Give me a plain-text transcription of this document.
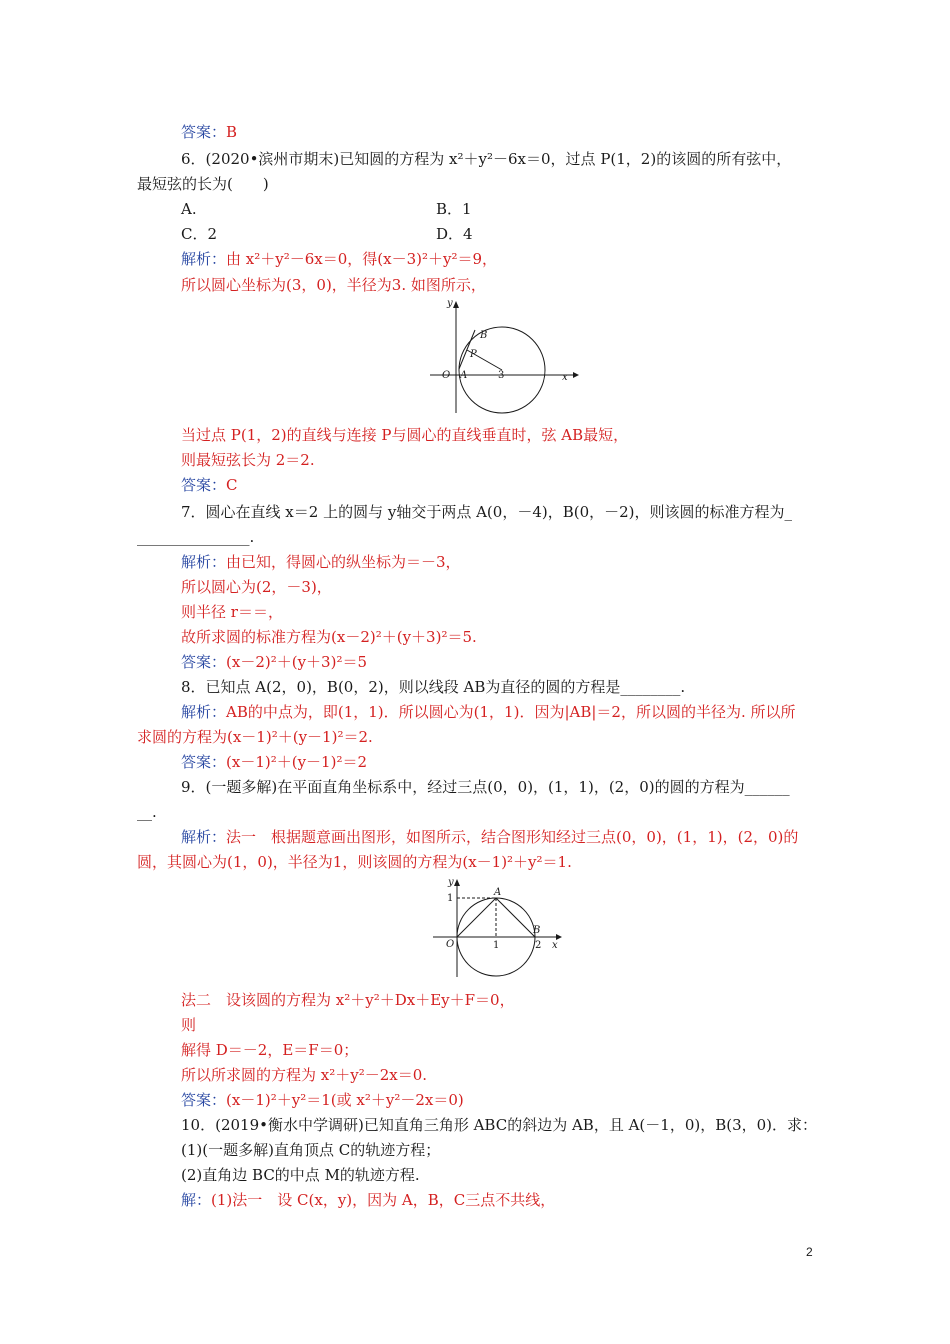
答案：B
6．(2020•滨州市期末)已知圆的方程为 x²＋y²－6x＝0，过点 P(1，2)的该圆的所有弦中，
最短弦的长为(　　)
A.	B．1
C．2	D．4
解析：由 x²＋y²－6x＝0，得(x－3)²＋y²＝9，
所以圆心坐标为(3，0)，半径为3. 如图所示，
y
B
P
O A	3	x
当过点 P(1，2)的直线与连接 P与圆心的直线垂直时，弦 AB最短，
则最短弦长为 2＝2.
答案：C
7．圆心在直线 x＝2 上的圆与 y轴交于两点 A(0，－4)，B(0，－2)，则该圆的标准方程为_
_______________.
解析：由已知，得圆心的纵坐标为＝－3，
所以圆心为(2，－3)，
则半径 r＝＝，
故所求圆的标准方程为(x－2)²＋(y＋3)²＝5.
答案：(x－2)²＋(y＋3)²＝5
8．已知点 A(2，0)，B(0，2)，则以线段 AB为直径的圆的方程是________.
解析：AB的中点为，即(1，1)．所以圆心为(1，1)．因为|AB|＝2，所以圆的半径为. 所以所
求圆的方程为(x－1)²＋(y－1)²＝2.
答案：(x－1)²＋(y－1)²＝2
9．(一题多解)在平面直角坐标系中，经过三点(0，0)，(1，1)，(2，0)的圆的方程为______
__.
解析：法一　根据题意画出图形，如图所示，结合图形知经过三点(0，0)，(1，1)，(2，0)的
圆，其圆心为(1，0)，半径为1，则该圆的方程为(x－1)²＋y²＝1.
y
1
A
O	1
B
2 x
法二　设该圆的方程为 x²＋y²＋Dx＋Ey＋F＝0，
则
解得 D＝－2，E＝F＝0；
所以所求圆的方程为 x²＋y²－2x＝0.
答案：(x－1)²＋y²＝1(或 x²＋y²－2x＝0)
10．(2019•衡水中学调研)已知直角三角形 ABC的斜边为 AB，且 A(－1，0)，B(3，0)．求：
(1)(一题多解)直角顶点 C的轨迹方程；
(2)直角边 BC的中点 M的轨迹方程.
解：(1)法一　设 C(x，y)，因为 A，B，C三点不共线，
2
